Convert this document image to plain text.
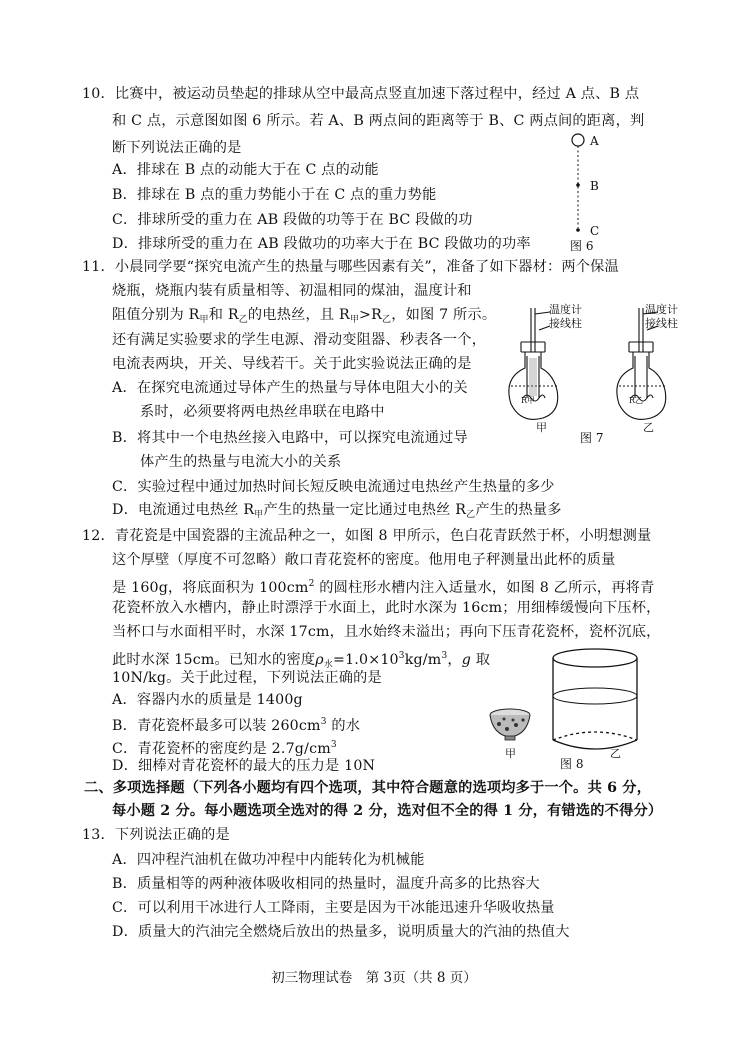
10．比赛中，被运动员垫起的排球从空中最高点竖直加速下落过程中，经过 A 点、B 点
和 C 点，示意图如图 6 所示。若 A、B 两点间的距离等于 B、C 两点间的距离，判
断下列说法正确的是
A．排球在 B 点的动能大于在 C 点的动能
B．排球在 B 点的重力势能小于在 C 点的重力势能
C．排球所受的重力在 AB 段做的功等于在 BC 段做的功
D．排球所受的重力在 AB 段做功的功率大于在 BC 段做功的功率
A
B
C
图 6
11．小晨同学要“探究电流产生的热量与哪些因素有关”，准备了如下器材：两个保温
烧瓶，烧瓶内装有质量相等、初温相同的煤油，温度计和
阻值分别为 $R_甲$和 $R_乙$的电热丝，且 $R_甲>R_乙$，如图 7 所示。
还有满足实验要求的学生电源、滑动变阻器、秒表各一个，
电流表两块，开关、导线若干。关于此实验说法正确的是
A．在探究电流通过导体产生的热量与导体电阻大小的关
系时，必须要将两电热丝串联在电路中
B．将其中一个电热丝接入电路中，可以探究电流通过导
体产生的热量与电流大小的关系
C．实验过程中通过加热时间长短反映电流通过电热丝产生热量的多少
D．电流通过电热丝 $R_甲$产生的热量一定比通过电热丝 $R_乙$产生的热量多
温度计
接线柱
温度计
接线柱
R甲	R乙
甲
图 7
乙
12．青花瓷是中国瓷器的主流品种之一，如图 8 甲所示，色白花青跃然于杯，小明想测量
这个厚壁（厚度不可忽略）敞口青花瓷杯的密度。他用电子秤测量出此杯的质量
是 160g，将底面积为 $100cm^2$ 的圆柱形水槽内注入适量水，如图 8 乙所示，再将青
花瓷杯放入水槽内，静止时漂浮于水面上，此时水深为 16cm；用细棒缓慢向下压杯，
当杯口与水面相平时，水深 17cm，且水始终未溢出；再向下压青花瓷杯，瓷杯沉底，
此时水深 15cm。已知水的密度$\rho_水=1.0\times 10^3kg/m^3$，g 取
10N/kg。关于此过程，下列说法正确的是
A．容器内水的质量是 1400g
B．青花瓷杯最多可以装 $260cm^3$ 的水
C．青花瓷杯的密度约是 $2.7g/cm^3$
D．细棒对青花瓷杯的最大的压力是 10N
甲
图 8
乙
二、多项选择题（下列各小题均有四个选项，其中符合题意的选项均多于一个。共 6 分，
每小题 2 分。每小题选项全选对的得 2 分，选对但不全的得 1 分，有错选的不得分）
13．下列说法正确的是
A．四冲程汽油机在做功冲程中内能转化为机械能
B．质量相等的两种液体吸收相同的热量时，温度升高多的比热容大
C．可以利用干冰进行人工降雨，主要是因为干冰能迅速升华吸收热量
D．质量大的汽油完全燃烧后放出的热量多，说明质量大的汽油的热值大
初三物理试卷　第 3页（共 8 页）
